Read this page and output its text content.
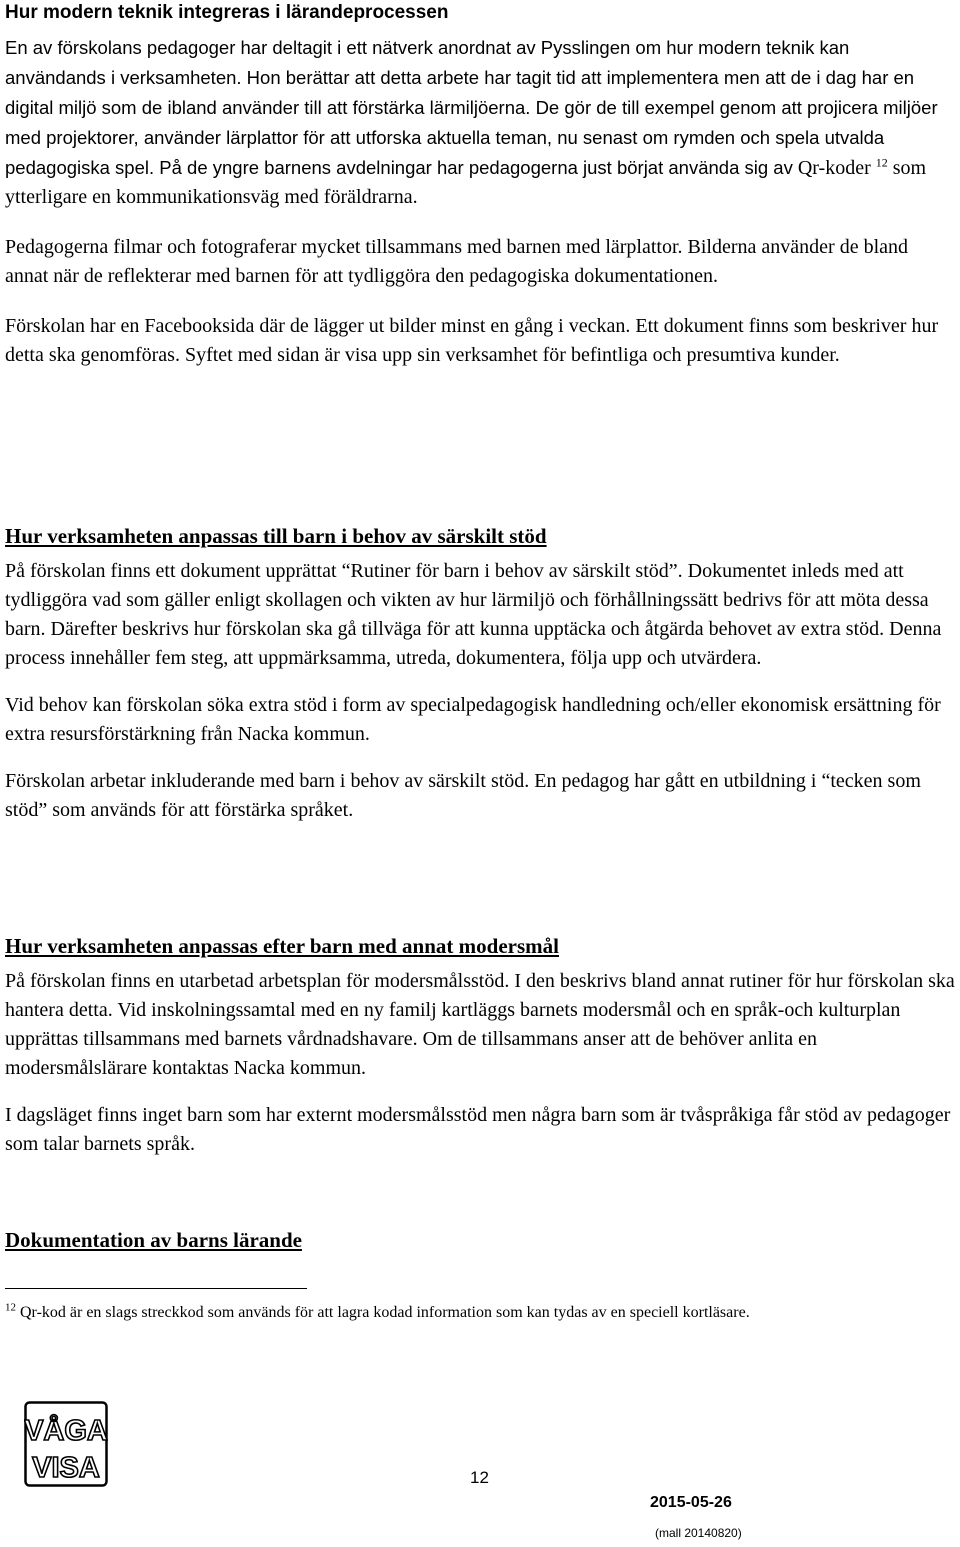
Hur modern teknik integreras i lärandeprocessen

En av förskolans pedagoger har deltagit i ett nätverk anordnat av Pysslingen om hur modern teknik kan användands i verksamheten. Hon berättar att detta arbete har tagit tid att implementera men att de i dag har en digital miljö som de ibland använder till att förstärka lärmiljöerna. De gör de till exempel genom att projicera miljöer med projektorer, använder lärplattor för att utforska aktuella teman, nu senast om rymden och spela utvalda pedagogiska spel. På de yngre barnens avdelningar har pedagogerna just börjat använda sig av Qr-koder $^{12}$ som ytterligare en kommunikationsväg med föräldrarna.

Pedagogerna filmar och fotograferar mycket tillsammans med barnen med lärplattor. Bilderna använder de bland annat när de reflekterar med barnen för att tydliggöra den pedagogiska dokumentationen.

Förskolan har en Facebooksida där de lägger ut bilder minst en gång i veckan. Ett dokument finns som beskriver hur detta ska genomföras. Syftet med sidan är visa upp sin verksamhet för befintliga och presumtiva kunder.

Hur verksamheten anpassas till barn i behov av särskilt stöd

På förskolan finns ett dokument upprättat “Rutiner för barn i behov av särskilt stöd”. Dokumentet inleds med att tydliggöra vad som gäller enligt skollagen och vikten av hur lärmiljö och förhållningssätt bedrivs för att möta dessa barn. Därefter beskrivs hur förskolan ska gå tillväga för att kunna upptäcka och åtgärda behovet av extra stöd. Denna process innehåller fem steg, att uppmärksamma, utreda, dokumentera, följa upp och utvärdera.

Vid behov kan förskolan söka extra stöd i form av specialpedagogisk handledning och/eller ekonomisk ersättning för extra resursförstärkning från Nacka kommun.

Förskolan arbetar inkluderande med barn i behov av särskilt stöd. En pedagog har gått en utbildning i “tecken som stöd” som används för att förstärka språket.

Hur verksamheten anpassas efter barn med annat modersmål

På förskolan finns en utarbetad arbetsplan för modersmålsstöd. I den beskrivs bland annat rutiner för hur förskolan ska hantera detta. Vid inskolningssamtal med en ny familj kartläggs barnets modersmål och en språk-och kulturplan upprättas tillsammans med barnets vårdnadshavare. Om de tillsammans anser att de behöver anlita en modersmålslärare kontaktas Nacka kommun.

I dagsläget finns inget barn som har externt modersmålsstöd men några barn som är tvåspråkiga får stöd av pedagoger som talar barnets språk.

Dokumentation av barns lärande
$^{12}$ Qr-kod är en slags streckkod som används för att lagra kodad information som kan tydas av en speciell kortläsare.
VÅGA
VISA	12
2015-05-26
(mall 20140820)
